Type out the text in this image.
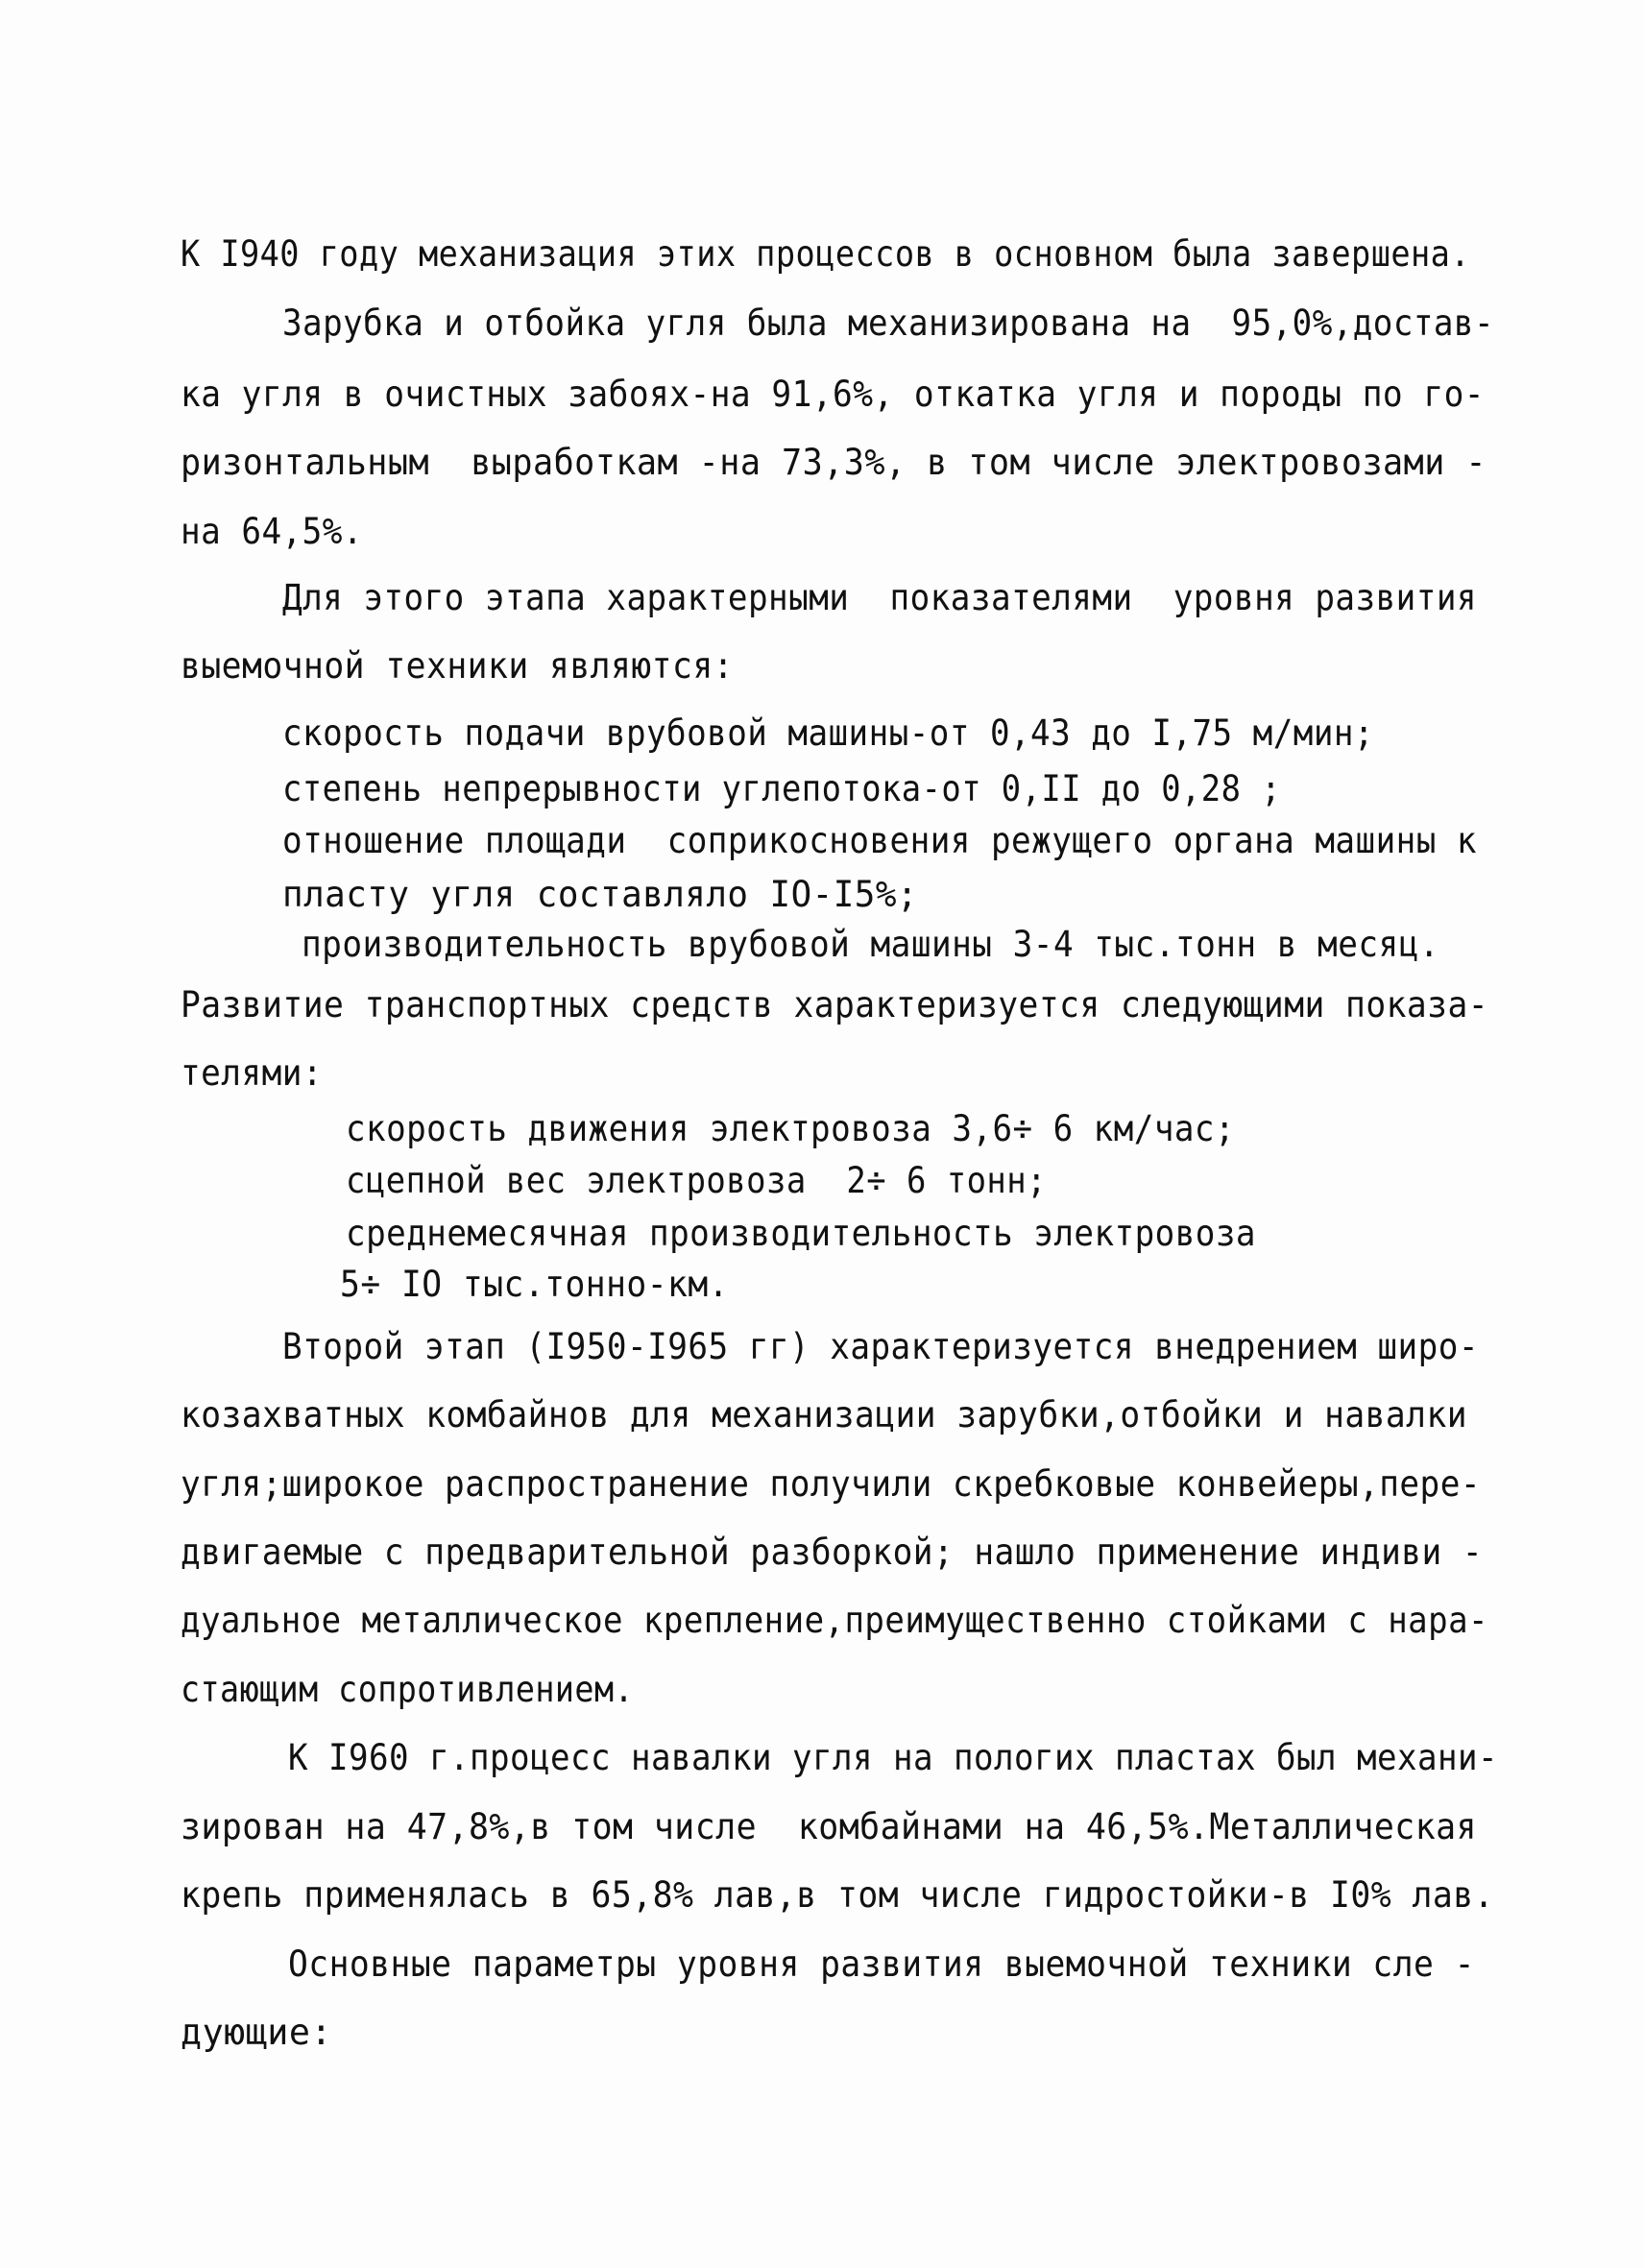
К I940 году механизация этих процессов в основном была завершена.
Зарубка и отбойка угля была механизирована на  95,0%,достав-
ка угля в очистных забоях-на 91,6%, откатка угля и породы по го-
ризонтальным  выработкам -на 73,3%, в том числе электровозами -
на 64,5%.
Для этого этапа характерными  показателями  уровня развития
выемочной техники являются:
скорость подачи врубовой машины-от 0,43 до I,75 м/мин;
степень непрерывности углепотока-от 0,II до 0,28 ;
отношение площади  соприкосновения режущего органа машины к
пласту угля составляло IO-I5%;
производительность врубовой машины 3-4 тыс.тонн в месяц.
Развитие транспортных средств характеризуется следующими показа-
телями:
скорость движения электровоза 3,6÷ 6 км/час;
сцепной вес электровоза  2÷ 6 тонн;
среднемесячная производительность электровоза
5÷ IO тыс.тонно-км.
Второй этап (I950-I965 гг) характеризуется внедрением широ-
козахватных комбайнов для механизации зарубки,отбойки и навалки
угля;широкое распространение получили скребковые конвейеры,пере-
двигаемые с предварительной разборкой; нашло применение индиви -
дуальное металлическое крепление,преимущественно стойками с нара-
стающим сопротивлением.
К I960 г.процесс навалки угля на пологих пластах был механи-
зирован на 47,8%,в том числе  комбайнами на 46,5%.Металлическая
крепь применялась в 65,8% лав,в том числе гидростойки-в I0% лав.
Основные параметры уровня развития выемочной техники сле -
дующие:
